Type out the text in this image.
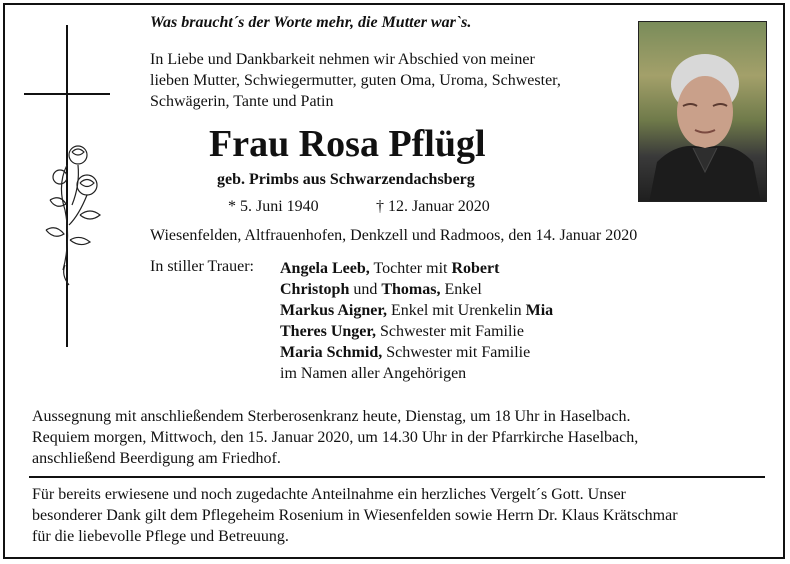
Was braucht´s der Worte mehr, die Mutter war`s.
In Liebe und Dankbarkeit nehmen wir Abschied von meiner
lieben Mutter, Schwiegermutter, guten Oma, Uroma, Schwester,
Schwägerin, Tante und Patin
Frau Rosa Pflügl
geb. Primbs aus Schwarzendachsberg
* 5. Juni 1940	† 12. Januar 2020
Wiesenfelden, Altfrauenhofen, Denkzell und Radmoos, den 14. Januar 2020
In stiller Trauer: Angela Leeb, Tochter mit Robert
Christoph und Thomas, Enkel
Markus Aigner, Enkel mit Urenkelin Mia
Theres Unger, Schwester mit Familie
Maria Schmid, Schwester mit Familie
im Namen aller Angehörigen
Aussegnung mit anschließendem Sterberosenkranz heute, Dienstag, um 18 Uhr in Haselbach.
Requiem morgen, Mittwoch, den 15. Januar 2020, um 14.30 Uhr in der Pfarrkirche Haselbach,
anschließend Beerdigung am Friedhof.
Für bereits erwiesene und noch zugedachte Anteilnahme ein herzliches Vergelt´s Gott. Unser
besonderer Dank gilt dem Pflegeheim Rosenium in Wiesenfelden sowie Herrn Dr. Klaus Krätschmar
für die liebevolle Pflege und Betreuung.
